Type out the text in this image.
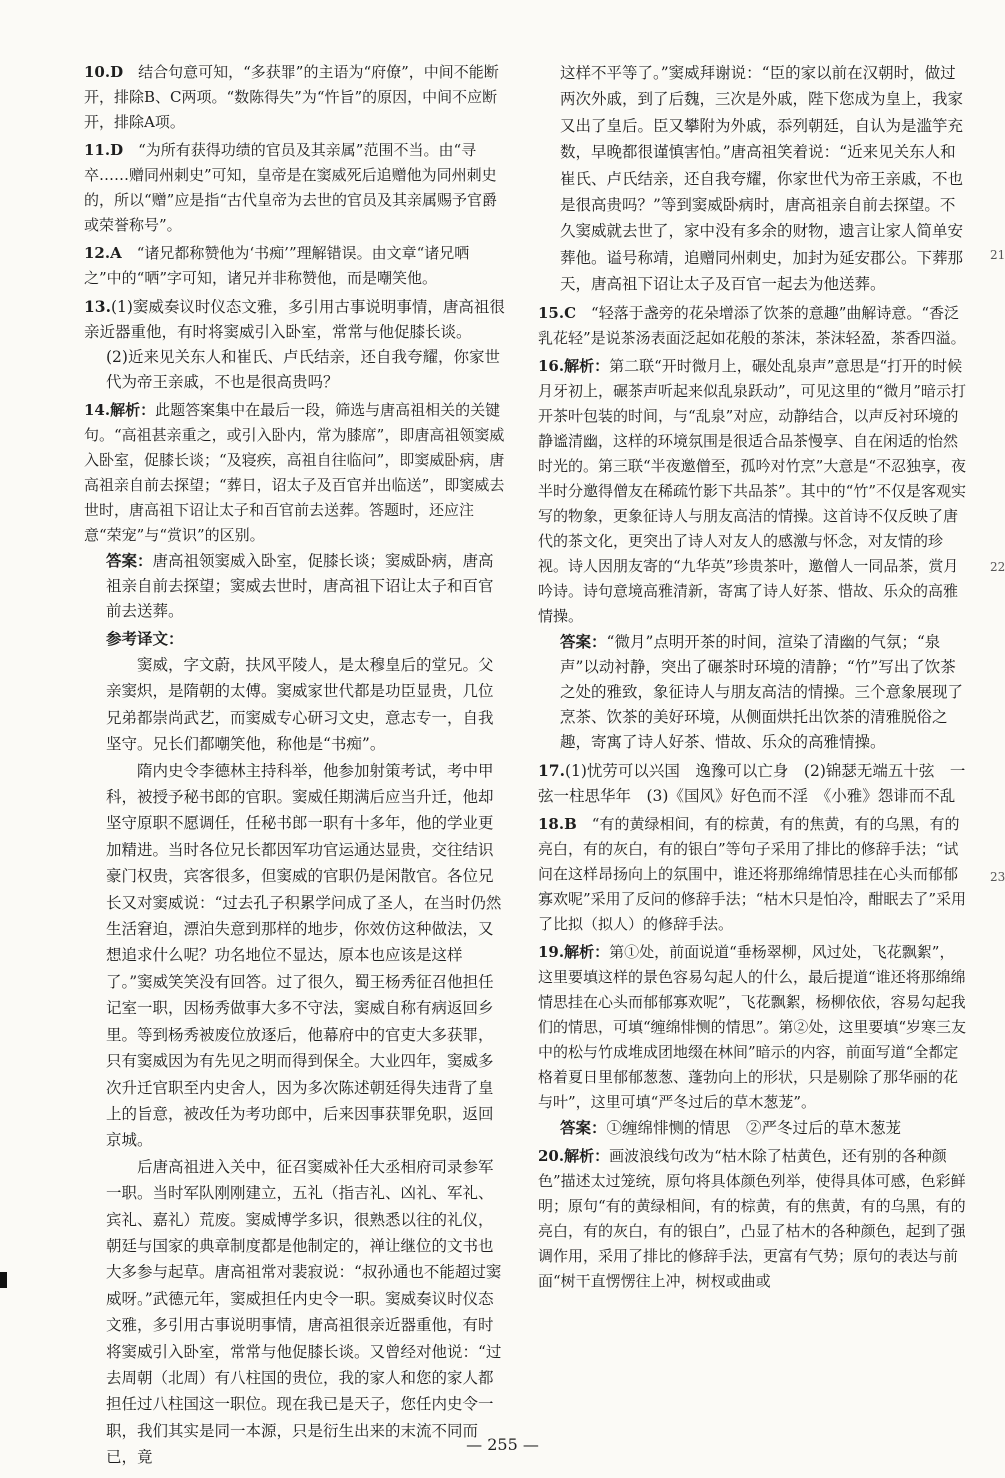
10.D　结合句意可知，“多获罪”的主语为“府僚”，中间不能断开，排除B、C两项。“数陈得失”为“忤旨”的原因，中间不应断开，排除A项。
11.D　“为所有获得功绩的官员及其亲属”范围不当。由“寻卒……赠同州刺史”可知，皇帝是在窦威死后追赠他为同州刺史的，所以“赠”应是指“古代皇帝为去世的官员及其亲属赐予官爵或荣誉称号”。
12.A　“诸兄都称赞他为‘书痴’”理解错误。由文章“诸兄哂之”中的“哂”字可知，诸兄并非称赞他，而是嘲笑他。
13.(1)窦威奏议时仪态文雅，多引用古事说明事情，唐高祖很亲近器重他，有时将窦威引入卧室，常常与他促膝长谈。
(2)近来见关东人和崔氏、卢氏结亲，还自我夸耀，你家世代为帝王亲戚，不也是很高贵吗？
14.解析：此题答案集中在最后一段，筛选与唐高祖相关的关键句。“高祖甚亲重之，或引入卧内，常为膝席”，即唐高祖领窦威入卧室，促膝长谈；“及寝疾，高祖自往临问”，即窦威卧病，唐高祖亲自前去探望；“葬日，诏太子及百官并出临送”，即窦威去世时，唐高祖下诏让太子和百官前去送葬。答题时，还应注意“荣宠”与“赏识”的区别。
答案：唐高祖领窦威入卧室，促膝长谈；窦威卧病，唐高祖亲自前去探望；窦威去世时，唐高祖下诏让太子和百官前去送葬。
参考译文：
窦威，字文蔚，扶风平陵人，是太穆皇后的堂兄。父亲窦炽，是隋朝的太傅。窦威家世代都是功臣显贵，几位兄弟都崇尚武艺，而窦威专心研习文史，意志专一，自我坚守。兄长们都嘲笑他，称他是“书痴”。
隋内史令李德林主持科举，他参加射策考试，考中甲科，被授予秘书郎的官职。窦威任期满后应当升迁，他却坚守原职不愿调任，任秘书郎一职有十多年，他的学业更加精进。当时各位兄长都因军功官运通达显贵，交往结识豪门权贵，宾客很多，但窦威的官职仍是闲散官。各位兄长又对窦威说：“过去孔子积累学问成了圣人，在当时仍然生活窘迫，漂泊失意到那样的地步，你效仿这种做法，又想追求什么呢？功名地位不显达，原本也应该是这样了。”窦威笑笑没有回答。过了很久，蜀王杨秀征召他担任记室一职，因杨秀做事大多不守法，窦威自称有病返回乡里。等到杨秀被废位放逐后，他幕府中的官吏大多获罪，只有窦威因为有先见之明而得到保全。大业四年，窦威多次升迁官职至内史舍人，因为多次陈述朝廷得失违背了皇上的旨意，被改任为考功郎中，后来因事获罪免职，返回京城。
后唐高祖进入关中，征召窦威补任大丞相府司录参军一职。当时军队刚刚建立，五礼（指吉礼、凶礼、军礼、宾礼、嘉礼）荒废。窦威博学多识，很熟悉以往的礼仪，朝廷与国家的典章制度都是他制定的，禅让继位的文书也大多参与起草。唐高祖常对裴寂说：“叔孙通也不能超过窦威呀。”武德元年，窦威担任内史令一职。窦威奏议时仪态文雅，多引用古事说明事情，唐高祖很亲近器重他，有时将窦威引入卧室，常常与他促膝长谈。又曾经对他说：“过去周朝（北周）有八柱国的贵位，我的家人和您的家人都担任过八柱国这一职位。现在我已是天子，您任内史令一职，我们其实是同一本源，只是衍生出来的末流不同而已，竟
这样不平等了。”窦威拜谢说：“臣的家以前在汉朝时，做过两次外戚，到了后魏，三次是外戚，陛下您成为皇上，我家又出了皇后。臣又攀附为外戚，忝列朝廷，自认为是滥竽充数，早晚都很谨慎害怕。”唐高祖笑着说：“近来见关东人和崔氏、卢氏结亲，还自我夸耀，你家世代为帝王亲戚，不也是很高贵吗？”等到窦威卧病时，唐高祖亲自前去探望。不久窦威就去世了，家中没有多余的财物，遗言让家人简单安葬他。谥号称靖，追赠同州刺史，加封为延安郡公。下葬那天，唐高祖下诏让太子及百官一起去为他送葬。
15.C　“轻落于盏旁的花朵增添了饮茶的意趣”曲解诗意。“香泛乳花轻”是说茶汤表面泛起如花般的茶沫，茶沫轻盈，茶香四溢。
16.解析：第二联“开时微月上，碾处乱泉声”意思是“打开的时候月牙初上，碾茶声听起来似乱泉跃动”，可见这里的“微月”暗示打开茶叶包装的时间，与“乱泉”对应，动静结合，以声反衬环境的静谧清幽，这样的环境氛围是很适合品茶慢享、自在闲适的怡然时光的。第三联“半夜邀僧至，孤吟对竹烹”大意是“不忍独享，夜半时分邀得僧友在稀疏竹影下共品茶”。其中的“竹”不仅是客观实写的物象，更象征诗人与朋友高洁的情操。这首诗不仅反映了唐代的茶文化，更突出了诗人对友人的感激与怀念，对友情的珍视。诗人因朋友寄的“九华英”珍贵茶叶，邀僧人一同品茶，赏月吟诗。诗句意境高雅清新，寄寓了诗人好茶、惜故、乐众的高雅情操。
答案：“微月”点明开茶的时间，渲染了清幽的气氛；“泉声”以动衬静，突出了碾茶时环境的清静；“竹”写出了饮茶之处的雅致，象征诗人与朋友高洁的情操。三个意象展现了烹茶、饮茶的美好环境，从侧面烘托出饮茶的清雅脱俗之趣，寄寓了诗人好茶、惜故、乐众的高雅情操。
17.(1)忧劳可以兴国　逸豫可以亡身　(2)锦瑟无端五十弦　一弦一柱思华年　(3)《国风》好色而不淫　《小雅》怨诽而不乱
18.B　“有的黄绿相间，有的棕黄，有的焦黄，有的乌黑，有的亮白，有的灰白，有的银白”等句子采用了排比的修辞手法；“试问在这样昂扬向上的氛围中，谁还将那绵绵情思挂在心头而郁郁寡欢呢”采用了反问的修辞手法；“枯木只是怕冷，酣眠去了”采用了比拟（拟人）的修辞手法。
19.解析：第①处，前面说道“垂杨翠柳，风过处，飞花飘絮”，这里要填这样的景色容易勾起人的什么，最后提道“谁还将那绵绵情思挂在心头而郁郁寡欢呢”，飞花飘絮，杨柳依依，容易勾起我们的情思，可填“缠绵悱恻的情思”。第②处，这里要填“岁寒三友中的松与竹成堆成团地缀在林间”暗示的内容，前面写道“全都定格着夏日里郁郁葱葱、蓬勃向上的形状，只是剔除了那华丽的花与叶”，这里可填“严冬过后的草木葱茏”。
答案：①缠绵悱恻的情思　②严冬过后的草木葱茏
20.解析：画波浪线句改为“枯木除了枯黄色，还有别的各种颜色”描述太过笼统，原句将具体颜色列举，使得具体可感，色彩鲜明；原句“有的黄绿相间，有的棕黄，有的焦黄，有的乌黑，有的亮白，有的灰白，有的银白”，凸显了枯木的各种颜色，起到了强调作用，采用了排比的修辞手法，更富有气势；原句的表达与前面“树干直愣愣往上冲，树杈或曲或
— 255 —
21
22
23
